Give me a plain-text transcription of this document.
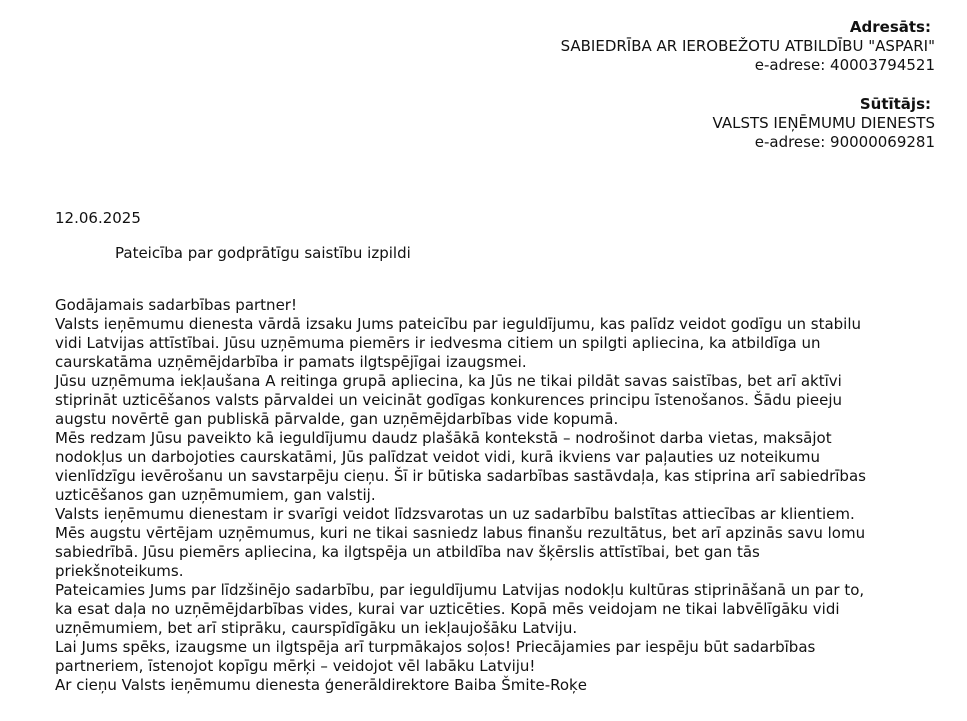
Adresāts:
SABIEDRĪBA AR IEROBEŽOTU ATBILDĪBU "ASPARI"
e-adrese: 40003794521
Sūtītājs:
VALSTS IEŅĒMUMU DIENESTS
e-adrese: 90000069281
12.06.2025
Pateicība par godprātīgu saistību izpildi
Godājamais sadarbības partner!
Valsts ieņēmumu dienesta vārdā izsaku Jums pateicību par ieguldījumu, kas palīdz veidot godīgu un stabilu
vidi Latvijas attīstībai. Jūsu uzņēmuma piemērs ir iedvesma citiem un spilgti apliecina, ka atbildīga un
caurskatāma uzņēmējdarbība ir pamats ilgtspējīgai izaugsmei.
Jūsu uzņēmuma iekļaušana A reitinga grupā apliecina, ka Jūs ne tikai pildāt savas saistības, bet arī aktīvi
stiprināt uzticēšanos valsts pārvaldei un veicināt godīgas konkurences principu īstenošanos. Šādu pieeju
augstu novērtē gan publiskā pārvalde, gan uzņēmējdarbības vide kopumā.
Mēs redzam Jūsu paveikto kā ieguldījumu daudz plašākā kontekstā – nodrošinot darba vietas, maksājot
nodokļus un darbojoties caurskatāmi, Jūs palīdzat veidot vidi, kurā ikviens var paļauties uz noteikumu
vienlīdzīgu ievērošanu un savstarpēju cieņu. Šī ir būtiska sadarbības sastāvdaļa, kas stiprina arī sabiedrības
uzticēšanos gan uzņēmumiem, gan valstij.
Valsts ieņēmumu dienestam ir svarīgi veidot līdzsvarotas un uz sadarbību balstītas attiecības ar klientiem.
Mēs augstu vērtējam uzņēmumus, kuri ne tikai sasniedz labus finanšu rezultātus, bet arī apzinās savu lomu
sabiedrībā. Jūsu piemērs apliecina, ka ilgtspēja un atbildība nav šķērslis attīstībai, bet gan tās
priekšnoteikums.
Pateicamies Jums par līdzšinējo sadarbību, par ieguldījumu Latvijas nodokļu kultūras stiprināšanā un par to,
ka esat daļa no uzņēmējdarbības vides, kurai var uzticēties. Kopā mēs veidojam ne tikai labvēlīgāku vidi
uzņēmumiem, bet arī stiprāku, caurspīdīgāku un iekļaujošāku Latviju.
Lai Jums spēks, izaugsme un ilgtspēja arī turpmākajos soļos! Priecājamies par iespēju būt sadarbības
partneriem, īstenojot kopīgu mērķi – veidojot vēl labāku Latviju!
Ar cieņu Valsts ieņēmumu dienesta ģenerāldirektore Baiba Šmite-Roķe
